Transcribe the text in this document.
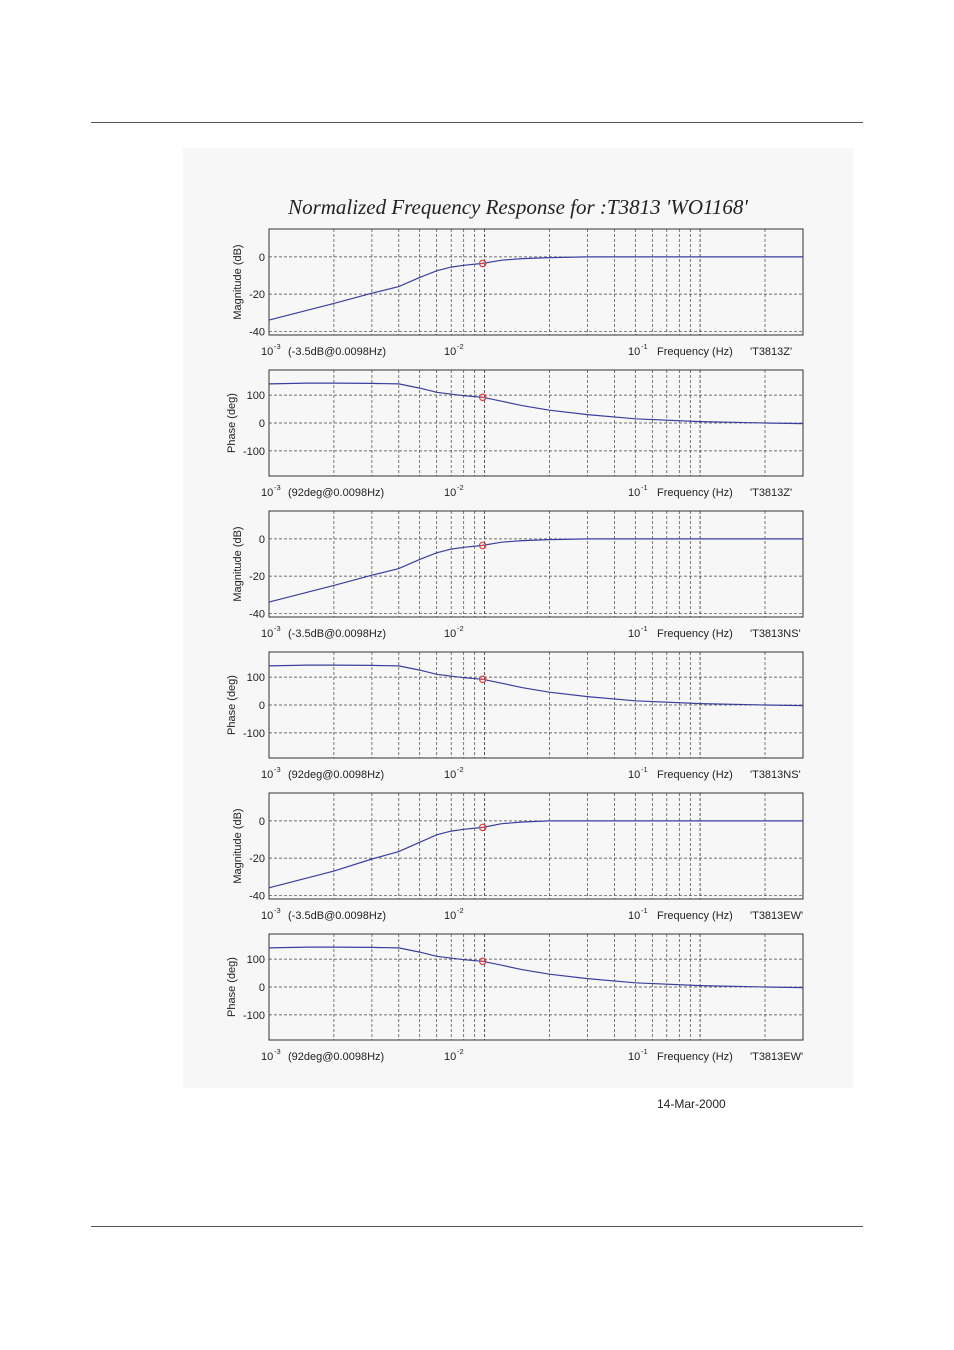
Normalized Frequency Response for :T3813 'WO1168'
0
-20
-40
Magnitude (dB)
10 -3 (-3.5dB@0.0098Hz)	10 -2	10 -1 Frequency (Hz) 'T3813Z'
100
0
-100
Phase (deg)
10 -3 (92deg@0.0098Hz)	10 -2	10 -1 Frequency (Hz) 'T3813Z'
0
-20
-40
Magnitude (dB)
10 -3 (-3.5dB@0.0098Hz)	10 -2	10 -1 Frequency (Hz) 'T3813NS'
100
0
-100
Phase (deg)
10 -3 (92deg@0.0098Hz)	10 -2	10 -1 Frequency (Hz) 'T3813NS'
0
-20
-40
Magnitude (dB)
10 -3 (-3.5dB@0.0098Hz)	10 -2	10 -1 Frequency (Hz) 'T3813EW'
100
0
-100
Phase (deg)
10 -3 (92deg@0.0098Hz)	10 -2	10 -1 Frequency (Hz) 'T3813EW'
14-Mar-2000
